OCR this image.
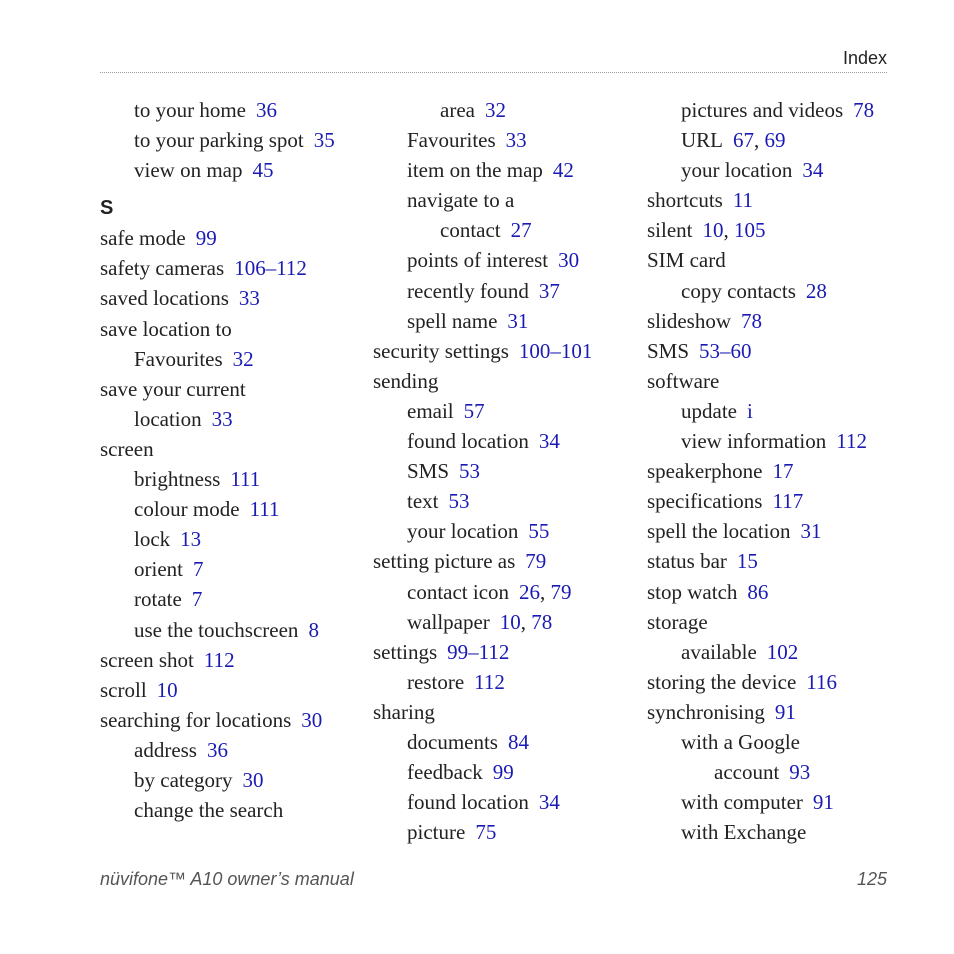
Index
to your home 36
to your parking spot 35
view on map 45
S
safe mode 99
safety cameras 106–112
saved locations 33
save location to
Favourites 32
save your current
location 33
screen
brightness 111
colour mode 111
lock 13
orient 7
rotate 7
use the touchscreen 8
screen shot 112
scroll 10
searching for locations 30
address 36
by category 30
change the search
area 32
Favourites 33
item on the map 42
navigate to a
contact 27
points of interest 30
recently found 37
spell name 31
security settings 100–101
sending
email 57
found location 34
SMS 53
text 53
your location 55
setting picture as 79
contact icon 26, 79
wallpaper 10, 78
settings 99–112
restore 112
sharing
documents 84
feedback 99
found location 34
picture 75
pictures and videos 78
URL 67, 69
your location 34
shortcuts 11
silent 10, 105
SIM card
copy contacts 28
slideshow 78
SMS 53–60
software
update i
view information 112
speakerphone 17
specifications 117
spell the location 31
status bar 15
stop watch 86
storage
available 102
storing the device 116
synchronising 91
with a Google
account 93
with computer 91
with Exchange
nüvifone™ A10 owner’s manual	125
